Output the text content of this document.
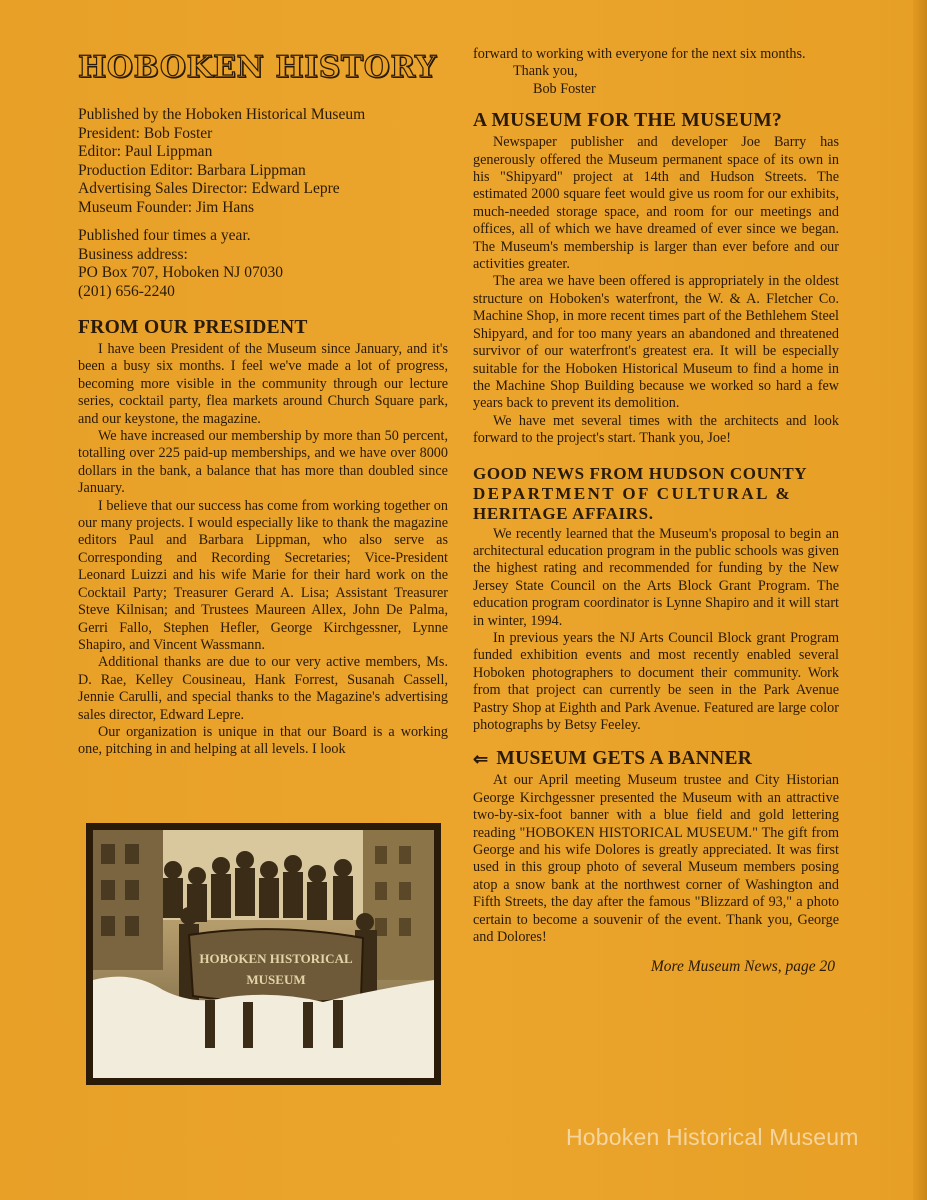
HOBOKEN HISTORY
Published by the Hoboken Historical Museum
President: Bob Foster
Editor: Paul Lippman
Production Editor: Barbara Lippman
Advertising Sales Director: Edward Lepre
Museum Founder: Jim Hans
Published four times a year.
Business address:
PO Box 707, Hoboken NJ 07030
(201) 656-2240
FROM OUR PRESIDENT

I have been President of the Museum since January, and it's been a busy six months. I feel we've made a lot of progress, becoming more visible in the community through our lecture series, cocktail party, flea markets around Church Square park, and our keystone, the magazine.

We have increased our membership by more than 50 percent, totalling over 225 paid-up memberships, and we have over 8000 dollars in the bank, a balance that has more than doubled since January.

I believe that our success has come from working together on our many projects. I would especially like to thank the magazine editors Paul and Barbara Lippman, who also serve as Corresponding and Recording Secretaries; Vice-President Leonard Luizzi and his wife Marie for their hard work on the Cocktail Party; Treasurer Gerard A. Lisa; Assistant Treasurer Steve Kilnisan; and Trustees Maureen Allex, John De Palma, Gerri Fallo, Stephen Hefler, George Kirchgessner, Lynne Shapiro, and Vincent Wassmann.

Additional thanks are due to our very active members, Ms. D. Rae, Kelley Cousineau, Hank Forrest, Susanah Cassell, Jennie Carulli, and special thanks to the Magazine's advertising sales director, Edward Lepre.

Our organization is unique in that our Board is a working one, pitching in and helping at all levels. I look

HOBOKEN HISTORICAL
MUSEUM
forward to working with everyone for the next six months.
Thank you,
Bob Foster
A MUSEUM FOR THE MUSEUM?

Newspaper publisher and developer Joe Barry has generously offered the Museum permanent space of its own in his "Shipyard" project at 14th and Hudson Streets. The estimated 2000 square feet would give us room for our exhibits, much-needed storage space, and room for our meetings and offices, all of which we have dreamed of ever since we began. The Museum's membership is larger than ever before and our activities greater.

The area we have been offered is appropriately in the oldest structure on Hoboken's waterfront, the W. & A. Fletcher Co. Machine Shop, in more recent times part of the Bethlehem Steel Shipyard, and for too many years an abandoned and threatened survivor of our waterfront's greatest era. It will be especially suitable for the Hoboken Historical Museum to find a home in the Machine Shop Building because we worked so hard a few years back to prevent its demolition.

We have met several times with the architects and look forward to the project's start. Thank you, Joe!

GOOD NEWS FROM HUDSON COUNTY
DEPARTMENT OF CULTURAL &
HERITAGE AFFAIRS.

We recently learned that the Museum's proposal to begin an architectural education program in the public schools was given the highest rating and recommended for funding by the New Jersey State Council on the Arts Block Grant Program. The education program coordinator is Lynne Shapiro and it will start in winter, 1994.

In previous years the NJ Arts Council Block grant Program funded exhibition events and most recently enabled several Hoboken photographers to document their community. Work from that project can currently be seen in the Park Avenue Pastry Shop at Eighth and Park Avenue. Featured are large color photographs by Betsy Feeley.

⇐ MUSEUM GETS A BANNER

At our April meeting Museum trustee and City Historian George Kirchgessner presented the Museum with an attractive two-by-six-foot banner with a blue field and gold lettering reading "HOBOKEN HISTORICAL MUSEUM." The gift from George and his wife Dolores is greatly appreciated. It was first used in this group photo of several Museum members posing atop a snow bank at the northwest corner of Washington and Fifth Streets, the day after the famous "Blizzard of 93," a photo certain to become a souvenir of the event. Thank you, George and Dolores!

More Museum News, page 20
Hoboken Historical Museum
